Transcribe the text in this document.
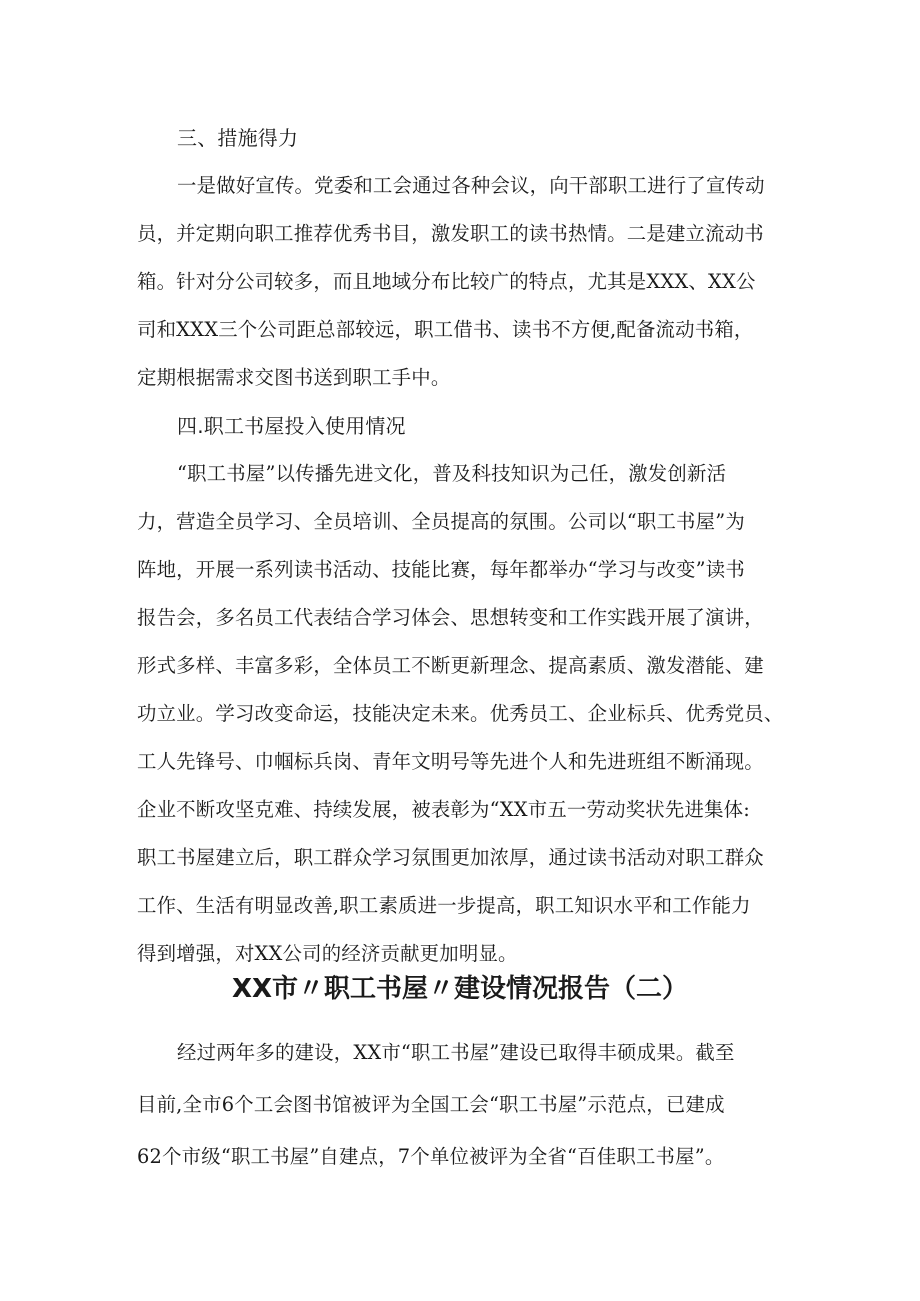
三、措施得力
一是做好宣传。党委和工会通过各种会议，向干部职工进行了宣传动
员，并定期向职工推荐优秀书目，激发职工的读书热情。二是建立流动书
箱。针对分公司较多，而且地域分布比较广的特点，尤其是XXX、XX公
司和XXX三个公司距总部较远，职工借书、读书不方便,配备流动书箱，
定期根据需求交图书送到职工手中。
四.职工书屋投入使用情况
“职工书屋”以传播先进文化，普及科技知识为己任，激发创新活
力，营造全员学习、全员培训、全员提高的氛围。公司以“职工书屋”为
阵地，开展一系列读书活动、技能比赛，每年都举办“学习与改变”读书
报告会，多名员工代表结合学习体会、思想转变和工作实践开展了演讲，
形式多样、丰富多彩，全体员工不断更新理念、提高素质、激发潜能、建
功立业。学习改变命运，技能决定未来。优秀员工、企业标兵、优秀党员、
工人先锋号、巾帼标兵岗、青年文明号等先进个人和先进班组不断涌现。
企业不断攻坚克难、持续发展，被表彰为“XX市五一劳动奖状先进集体:
职工书屋建立后，职工群众学习氛围更加浓厚，通过读书活动对职工群众
工作、生活有明显改善,职工素质进一步提高，职工知识水平和工作能力
得到增强，对XX公司的经济贡献更加明显。
XX市〃职工书屋〃建设情况报告（二）
经过两年多的建设，XX市“职工书屋”建设已取得丰硕成果。截至
目前,全市6个工会图书馆被评为全国工会“职工书屋”示范点，已建成
62个市级“职工书屋”自建点，7个单位被评为全省“百佳职工书屋”。
